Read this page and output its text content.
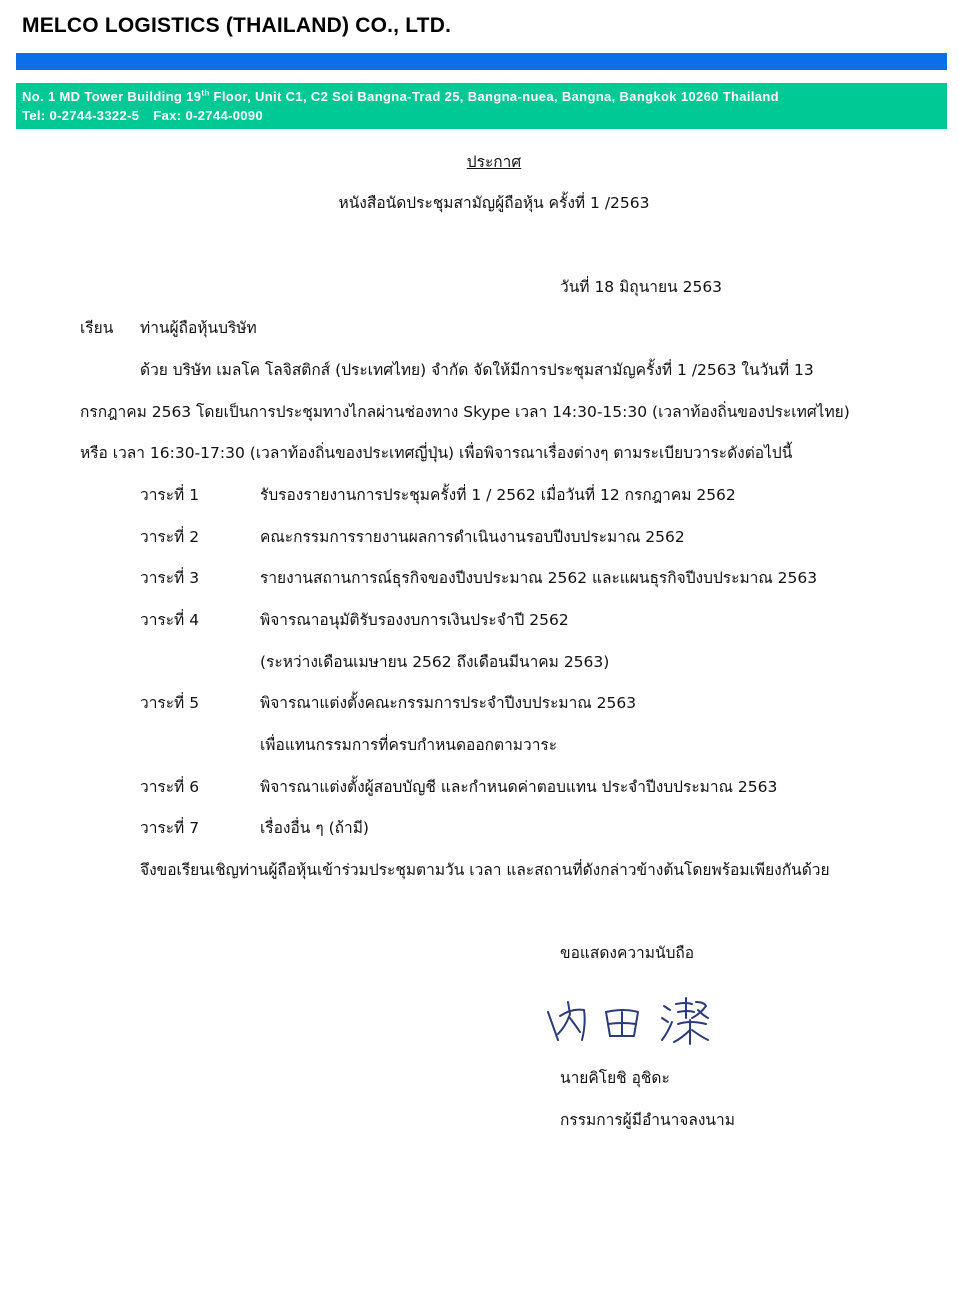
MELCO LOGISTICS (THAILAND) CO., LTD.
No. 1 MD Tower Building 19th Floor, Unit C1, C2 Soi Bangna-Trad 25, Bangna-nuea, Bangna, Bangkok 10260 Thailand
Tel: 0-2744-3322-5 Fax: 0-2744-0090
ประกาศ
หนังสือนัดประชุมสามัญผู้ถือหุ้น ครั้งที่ 1 /2563
วันที่ 18 มิถุนายน 2563
เรียน ท่านผู้ถือหุ้นบริษัท
ด้วย บริษัท เมลโค โลจิสติกส์ (ประเทศไทย) จำกัด จัดให้มีการประชุมสามัญครั้งที่ 1 /2563 ในวันที่ 13
กรกฎาคม 2563 โดยเป็นการประชุมทางไกลผ่านช่องทาง Skype เวลา 14:30-15:30 (เวลาท้องถิ่นของประเทศไทย)
หรือ เวลา 16:30-17:30 (เวลาท้องถิ่นของประเทศญี่ปุ่น) เพื่อพิจารณาเรื่องต่างๆ ตามระเบียบวาระดังต่อไปนี้
วาระที่ 1	รับรองรายงานการประชุมครั้งที่ 1 / 2562 เมื่อวันที่ 12 กรกฎาคม 2562
วาระที่ 2	คณะกรรมการรายงานผลการดำเนินงานรอบปีงบประมาณ 2562
วาระที่ 3	รายงานสถานการณ์ธุรกิจของปีงบประมาณ 2562 และแผนธุรกิจปีงบประมาณ 2563
วาระที่ 4	พิจารณาอนุมัติรับรองงบการเงินประจำปี 2562
(ระหว่างเดือนเมษายน 2562 ถึงเดือนมีนาคม 2563)
วาระที่ 5	พิจารณาแต่งตั้งคณะกรรมการประจำปีงบประมาณ 2563
เพื่อแทนกรรมการที่ครบกำหนดออกตามวาระ
วาระที่ 6	พิจารณาแต่งตั้งผู้สอบบัญชี และกำหนดค่าตอบแทน ประจำปีงบประมาณ 2563
วาระที่ 7	เรื่องอื่น ๆ (ถ้ามี)
จึงขอเรียนเชิญท่านผู้ถือหุ้นเข้าร่วมประชุมตามวัน เวลา และสถานที่ดังกล่าวข้างต้นโดยพร้อมเพียงกันด้วย
ขอแสดงความนับถือ
นายคิโยชิ อุชิดะ
กรรมการผู้มีอำนาจลงนาม
